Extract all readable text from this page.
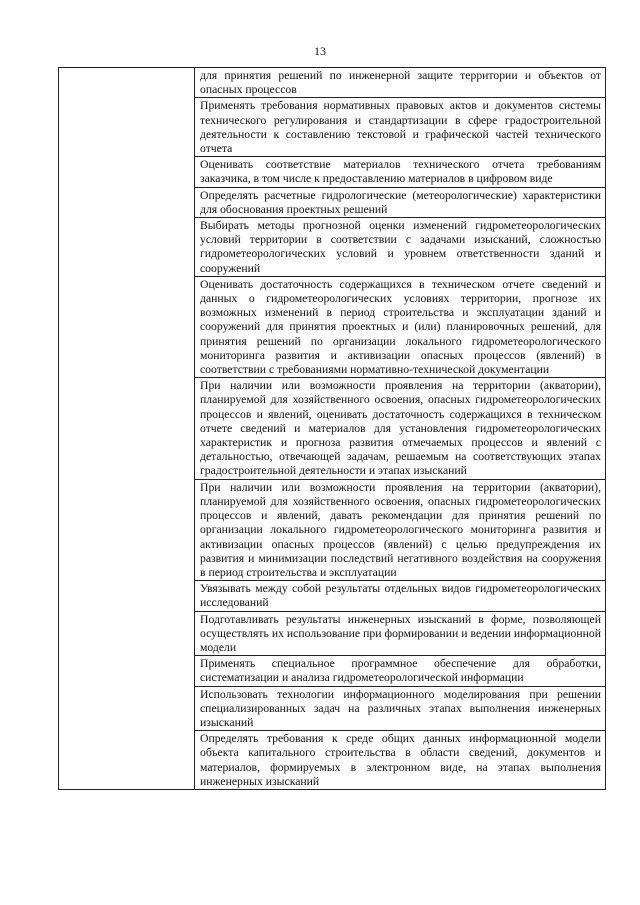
13

для принятия решений по инженерной защите территории и объектов от опасных процессов

Применять требования нормативных правовых актов и документов системы технического регулирования и стандартизации в сфере градостроительной деятельности к составлению текстовой и графической частей технического отчета

Оценивать соответствие материалов технического отчета требованиям заказчика, в том числе к предоставлению материалов в цифровом виде

Определять расчетные гидрологические (метеорологические) характеристики для обоснования проектных решений

Выбирать методы прогнозной оценки изменений гидрометеорологических условий территории в соответствии с задачами изысканий, сложностью гидрометеорологических условий и уровнем ответственности зданий и сооружений

Оценивать достаточность содержащихся в техническом отчете сведений и данных о гидрометеорологических условиях территории, прогнозе их возможных изменений в период строительства и эксплуатации зданий и сооружений для принятия проектных и (или) планировочных решений, для принятия решений по организации локального гидрометеорологического мониторинга развития и активизации опасных процессов (явлений) в соответствии с требованиями нормативно-технической документации

При наличии или возможности проявления на территории (акватории), планируемой для хозяйственного освоения, опасных гидрометеорологических процессов и явлений, оценивать достаточность содержащихся в техническом отчете сведений и материалов для установления гидрометеорологических характеристик и прогноза развития отмечаемых процессов и явлений с детальностью, отвечающей задачам, решаемым на соответствующих этапах градостроительной деятельности и этапах изысканий

При наличии или возможности проявления на территории (акватории), планируемой для хозяйственного освоения, опасных гидрометеорологических процессов и явлений, давать рекомендации для принятия решений по организации локального гидрометеорологического мониторинга развития и активизации опасных процессов (явлений) с целью предупреждения их развития и минимизации последствий негативного воздействия на сооружения в период строительства и эксплуатации

Увязывать между собой результаты отдельных видов гидрометеорологических исследований

Подготавливать результаты инженерных изысканий в форме, позволяющей осуществлять их использование при формировании и ведении информационной модели

Применять специальное программное обеспечение для обработки, систематизации и анализа гидрометеорологической информации

Использовать технологии информационного моделирования при решении специализированных задач на различных этапах выполнения инженерных изысканий

Определять требования к среде общих данных информационной модели объекта капитального строительства в области сведений, документов и материалов, формируемых в электронном виде, на этапах выполнения инженерных изысканий
